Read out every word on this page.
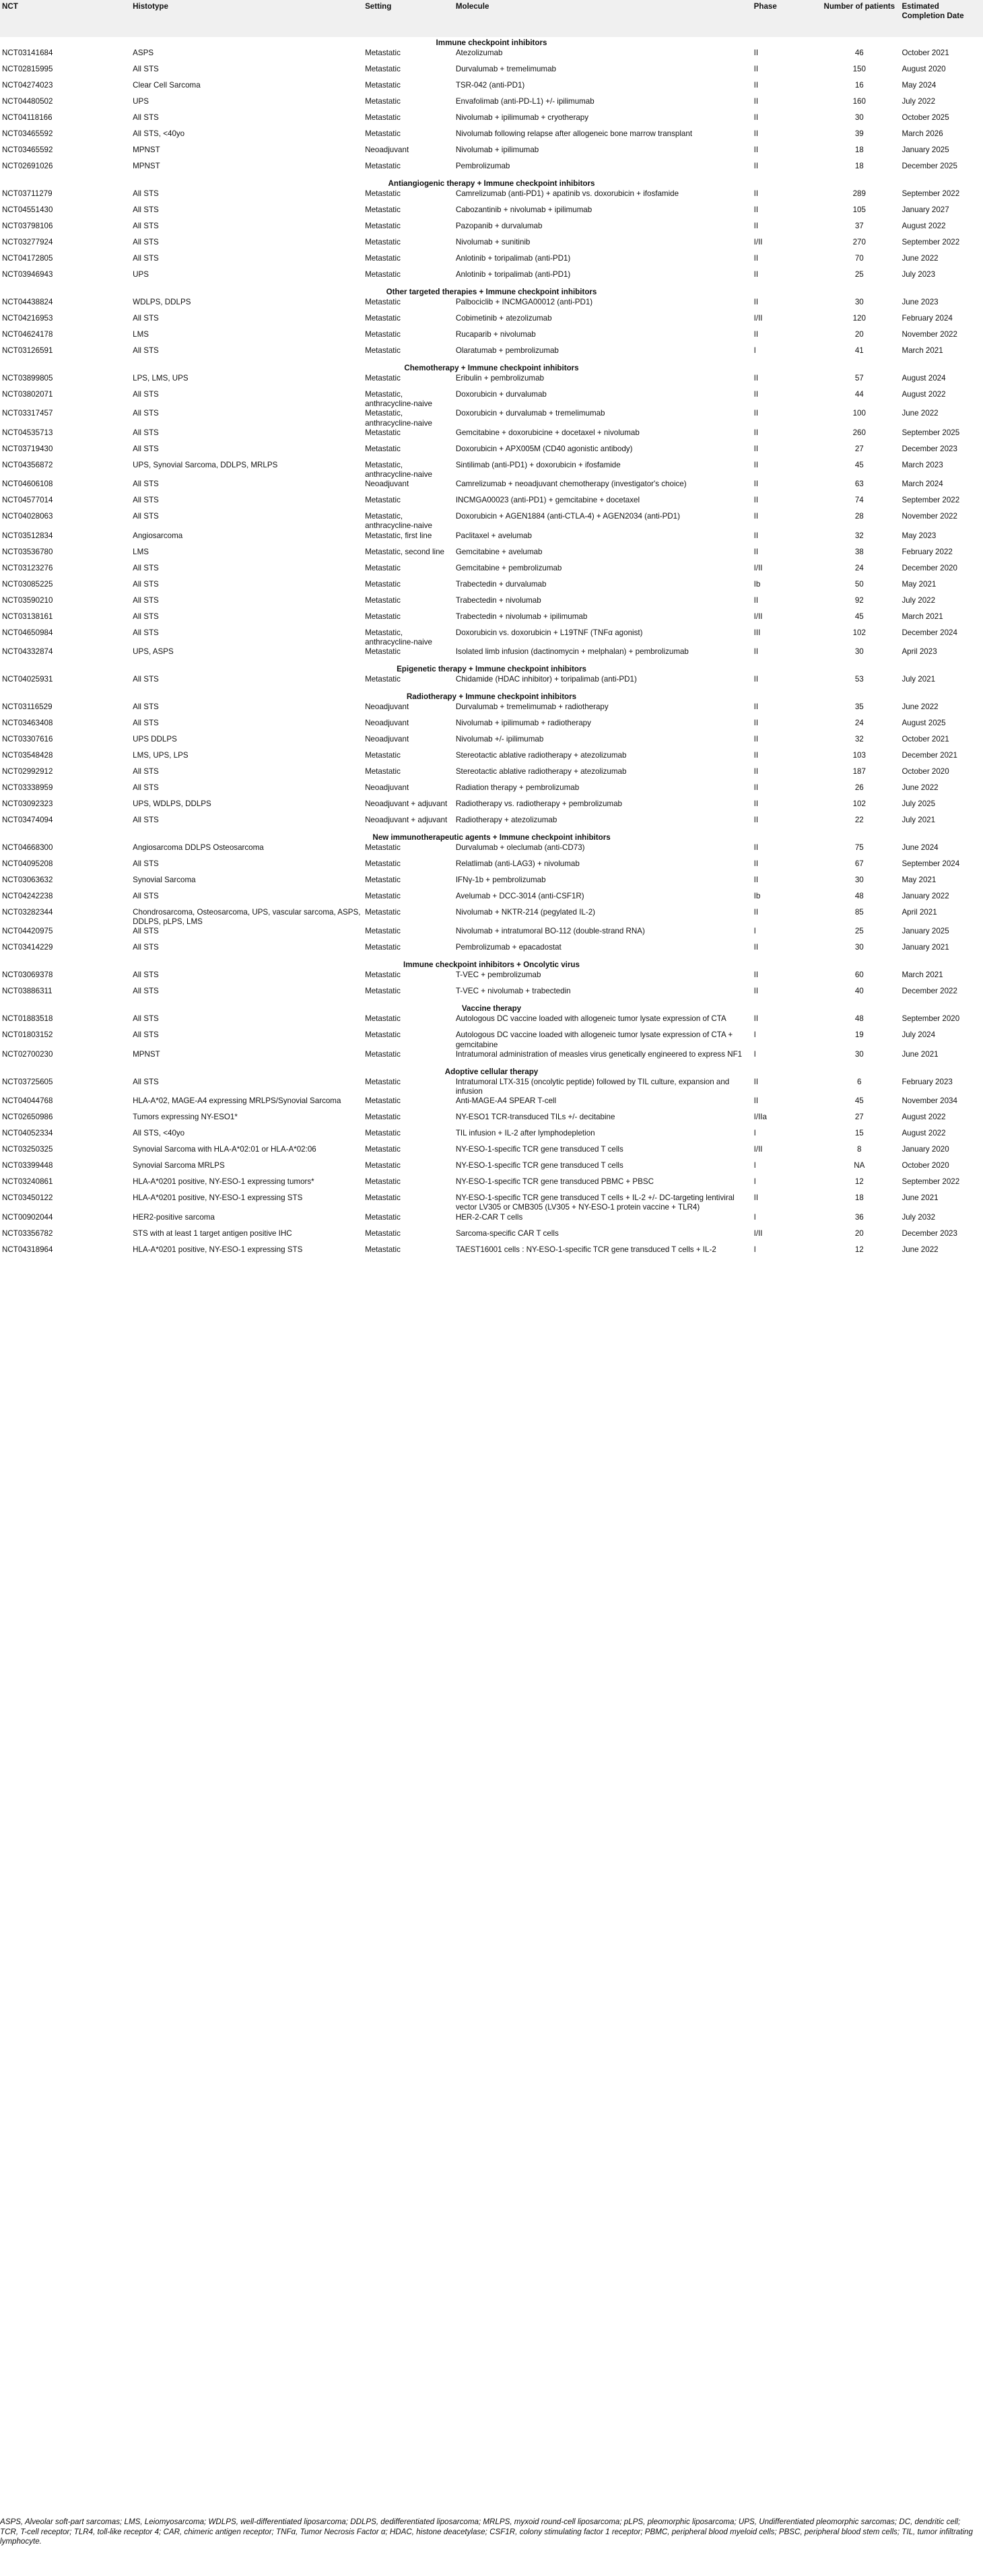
NCT	Histotype	Setting	Molecule	Phase	Number of patients	Estimated Completion Date
Immune checkpoint inhibitors						
NCT03141684	ASPS	Metastatic	Atezolizumab	II	46	October 2021
NCT02815995	All STS	Metastatic	Durvalumab + tremelimumab	II	150	August 2020
NCT04274023	Clear Cell Sarcoma	Metastatic	TSR-042 (anti-PD1)	II	16	May 2024
NCT04480502	UPS	Metastatic	Envafolimab (anti-PD-L1) +/- ipilimumab	II	160	July 2022
NCT04118166	All STS	Metastatic	Nivolumab + ipilimumab + cryotherapy	II	30	October 2025
NCT03465592	All STS, <40yo	Metastatic	Nivolumab following relapse after allogeneic bone marrow transplant	II	39	March 2026
NCT03465592	MPNST	Neoadjuvant	Nivolumab + ipilimumab	II	18	January 2025
NCT02691026	MPNST	Metastatic	Pembrolizumab	II	18	December 2025
Antiangiogenic therapy + Immune checkpoint inhibitors						
NCT03711279	All STS	Metastatic	Camrelizumab (anti-PD1) + apatinib vs. doxorubicin + ifosfamide	II	289	September 2022
NCT04551430	All STS	Metastatic	Cabozantinib + nivolumab + ipilimumab	II	105	January 2027
NCT03798106	All STS	Metastatic	Pazopanib + durvalumab	II	37	August 2022
NCT03277924	All STS	Metastatic	Nivolumab + sunitinib	I/II	270	September 2022
NCT04172805	All STS	Metastatic	Anlotinib + toripalimab (anti-PD1)	II	70	June 2022
NCT03946943	UPS	Metastatic	Anlotinib + toripalimab (anti-PD1)	II	25	July 2023
Other targeted therapies + Immune checkpoint inhibitors						
NCT04438824	WDLPS, DDLPS	Metastatic	Palbociclib + INCMGA00012 (anti-PD1)	II	30	June 2023
NCT04216953	All STS	Metastatic	Cobimetinib + atezolizumab	I/II	120	February 2024
NCT04624178	LMS	Metastatic	Rucaparib + nivolumab	II	20	November 2022
NCT03126591	All STS	Metastatic	Olaratumab + pembrolizumab	I	41	March 2021
Chemotherapy + Immune checkpoint inhibitors						
NCT03899805	LPS, LMS, UPS	Metastatic	Eribulin + pembrolizumab	II	57	August 2024
NCT03802071	All STS	Metastatic, anthracycline-naive	Doxorubicin + durvalumab	II	44	August 2022
NCT03317457	All STS	Metastatic, anthracycline-naive	Doxorubicin + durvalumab + tremelimumab	II	100	June 2022
NCT04535713	All STS	Metastatic	Gemcitabine + doxorubicine + docetaxel + nivolumab	II	260	September 2025
NCT03719430	All STS	Metastatic	Doxorubicin + APX005M (CD40 agonistic antibody)	II	27	December 2023
NCT04356872	UPS, Synovial Sarcoma, DDLPS, MRLPS	Metastatic, anthracycline-naive	Sintilimab (anti-PD1) + doxorubicin + ifosfamide	II	45	March 2023
NCT04606108	All STS	Neoadjuvant	Camrelizumab + neoadjuvant chemotherapy (investigator's choice)	II	63	March 2024
NCT04577014	All STS	Metastatic	INCMGA00023 (anti-PD1) + gemcitabine + docetaxel	II	74	September 2022
NCT04028063	All STS	Metastatic, anthracycline-naive	Doxorubicin + AGEN1884 (anti-CTLA-4) + AGEN2034 (anti-PD1)	II	28	November 2022
NCT03512834	Angiosarcoma	Metastatic, first line	Paclitaxel + avelumab	II	32	May 2023
NCT03536780	LMS	Metastatic, second line	Gemcitabine + avelumab	II	38	February 2022
NCT03123276	All STS	Metastatic	Gemcitabine + pembrolizumab	I/II	24	December 2020
NCT03085225	All STS	Metastatic	Trabectedin + durvalumab	Ib	50	May 2021
NCT03590210	All STS	Metastatic	Trabectedin + nivolumab	II	92	July 2022
NCT03138161	All STS	Metastatic	Trabectedin + nivolumab + ipilimumab	I/II	45	March 2021
NCT04650984	All STS	Metastatic, anthracycline-naive	Doxorubicin vs. doxorubicin + L19TNF (TNFα agonist)	III	102	December 2024
NCT04332874	UPS, ASPS	Metastatic	Isolated limb infusion (dactinomycin + melphalan) + pembrolizumab	II	30	April 2023
Epigenetic therapy + Immune checkpoint inhibitors						
NCT04025931	All STS	Metastatic	Chidamide (HDAC inhibitor) + toripalimab (anti-PD1)	II	53	July 2021
Radiotherapy + Immune checkpoint inhibitors						
NCT03116529	All STS	Neoadjuvant	Durvalumab + tremelimumab + radiotherapy	II	35	June 2022
NCT03463408	All STS	Neoadjuvant	Nivolumab + ipilimumab + radiotherapy	II	24	August 2025
NCT03307616	UPS DDLPS	Neoadjuvant	Nivolumab +/- ipilimumab	II	32	October 2021
NCT03548428	LMS, UPS, LPS	Metastatic	Stereotactic ablative radiotherapy + atezolizumab	II	103	December 2021
NCT02992912	All STS	Metastatic	Stereotactic ablative radiotherapy + atezolizumab	II	187	October 2020
NCT03338959	All STS	Neoadjuvant	Radiation therapy + pembrolizumab	II	26	June 2022
NCT03092323	UPS, WDLPS, DDLPS	Neoadjuvant + adjuvant	Radiotherapy vs. radiotherapy + pembrolizumab	II	102	July 2025
NCT03474094	All STS	Neoadjuvant + adjuvant	Radiotherapy + atezolizumab	II	22	July 2021
New immunotherapeutic agents + Immune checkpoint inhibitors						
NCT04668300	Angiosarcoma DDLPS Osteosarcoma	Metastatic	Durvalumab + oleclumab (anti-CD73)	II	75	June 2024
NCT04095208	All STS	Metastatic	Relatlimab (anti-LAG3) + nivolumab	II	67	September 2024
NCT03063632	Synovial Sarcoma	Metastatic	IFNγ-1b + pembrolizumab	II	30	May 2021
NCT04242238	All STS	Metastatic	Avelumab + DCC-3014 (anti-CSF1R)	Ib	48	January 2022
NCT03282344	Chondrosarcoma, Osteosarcoma, UPS, vascular sarcoma, ASPS, DDLPS, pLPS, LMS	Metastatic	Nivolumab + NKTR-214 (pegylated IL-2)	II	85	April 2021
NCT04420975	All STS	Metastatic	Nivolumab + intratumoral BO-112 (double-strand RNA)	I	25	January 2025
NCT03414229	All STS	Metastatic	Pembrolizumab + epacadostat	II	30	January 2021
Immune checkpoint inhibitors + Oncolytic virus						
NCT03069378	All STS	Metastatic	T-VEC + pembrolizumab	II	60	March 2021
NCT03886311	All STS	Metastatic	T-VEC + nivolumab + trabectedin	II	40	December 2022
Vaccine therapy						
NCT01883518	All STS	Metastatic	Autologous DC vaccine loaded with allogeneic tumor lysate expression of CTA	II	48	September 2020
NCT01803152	All STS	Metastatic	Autologous DC vaccine loaded with allogeneic tumor lysate expression of CTA + gemcitabine	I	19	July 2024
NCT02700230	MPNST	Metastatic	Intratumoral administration of measles virus genetically engineered to express NF1	I	30	June 2021
Adoptive cellular therapy						
NCT03725605	All STS	Metastatic	Intratumoral LTX-315 (oncolytic peptide) followed by TIL culture, expansion and infusion	II	6	February 2023
NCT04044768	HLA-A*02, MAGE-A4 expressing MRLPS/Synovial Sarcoma	Metastatic	Anti-MAGE-A4 SPEAR T-cell	II	45	November 2034
NCT02650986	Tumors expressing NY-ESO1*	Metastatic	NY-ESO1 TCR-transduced TILs +/- decitabine	I/IIa	27	August 2022
NCT04052334	All STS, <40yo	Metastatic	TIL infusion + IL-2 after lymphodepletion	I	15	August 2022
NCT03250325	Synovial Sarcoma with HLA-A*02:01 or HLA-A*02:06	Metastatic	NY-ESO-1-specific TCR gene transduced T cells	I/II	8	January 2020
NCT03399448	Synovial Sarcoma MRLPS	Metastatic	NY-ESO-1-specific TCR gene transduced T cells	I	NA	October 2020
NCT03240861	HLA-A*0201 positive, NY-ESO-1 expressing tumors*	Metastatic	NY-ESO-1-specific TCR gene transduced PBMC + PBSC	I	12	September 2022
NCT03450122	HLA-A*0201 positive, NY-ESO-1 expressing STS	Metastatic	NY-ESO-1-specific TCR gene transduced T cells + IL-2 +/- DC-targeting lentiviral vector LV305 or CMB305 (LV305 + NY-ESO-1 protein vaccine + TLR4)	II	18	June 2021
NCT00902044	HER2-positive sarcoma	Metastatic	HER-2-CAR T cells	I	36	July 2032
NCT03356782	STS with at least 1 target antigen positive IHC	Metastatic	Sarcoma-specific CAR T cells	I/II	20	December 2023
NCT04318964	HLA-A*0201 positive, NY-ESO-1 expressing STS	Metastatic	TAEST16001 cells : NY-ESO-1-specific TCR gene transduced T cells + IL-2	I	12	June 2022
ASPS, Alveolar soft-part sarcomas; LMS, Leiomyosarcoma; WDLPS, well-differentiated liposarcoma; DDLPS, dedifferentiated liposarcoma; MRLPS, myxoid round-cell liposarcoma; pLPS, pleomorphic liposarcoma; UPS, Undifferentiated pleomorphic sarcomas; DC, dendritic cell; TCR, T-cell receptor; TLR4, toll-like receptor 4; CAR, chimeric antigen receptor; TNFα, Tumor Necrosis Factor α; HDAC, histone deacetylase; CSF1R, colony stimulating factor 1 receptor; PBMC, peripheral blood myeloid cells; PBSC, peripheral blood stem cells; TIL, tumor infiltrating lymphocyte.
